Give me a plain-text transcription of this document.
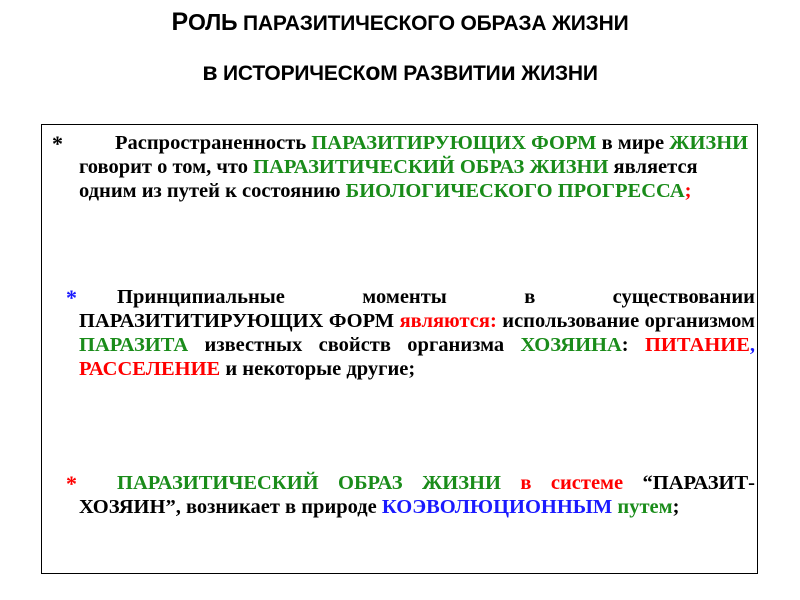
РОЛЬ ПАРАЗИТИЧЕСКОГО ОБРАЗА ЖИЗНИ
в ИСТОРИЧЕСКоМ РАЗВИТИи ЖИЗНИ
*	Распространенность ПАРАЗИТИРУЮЩИХ ФОРМ в мире ЖИЗНИ говорит о том, что ПАРАЗИТИЧЕСКИЙ ОБРАЗ ЖИЗНИ является одним из путей к состоянию БИОЛОГИЧЕСКОГО ПРОГРЕССА;
*	Принципиальные моменты в существовании ПАРАЗИТИТИРУЮЩИХ ФОРМ являются: использование организмом ПАРАЗИТА известных свойств организма ХОЗЯИНА: ПИТАНИЕ, РАССЕЛЕНИЕ и некоторые другие;
*	ПАРАЗИТИЧЕСКИЙ ОБРАЗ ЖИЗНИ в системе “ПАРАЗИТ-ХОЗЯИН”, возникает в природе КОЭВОЛЮЦИОННЫМ путем;
